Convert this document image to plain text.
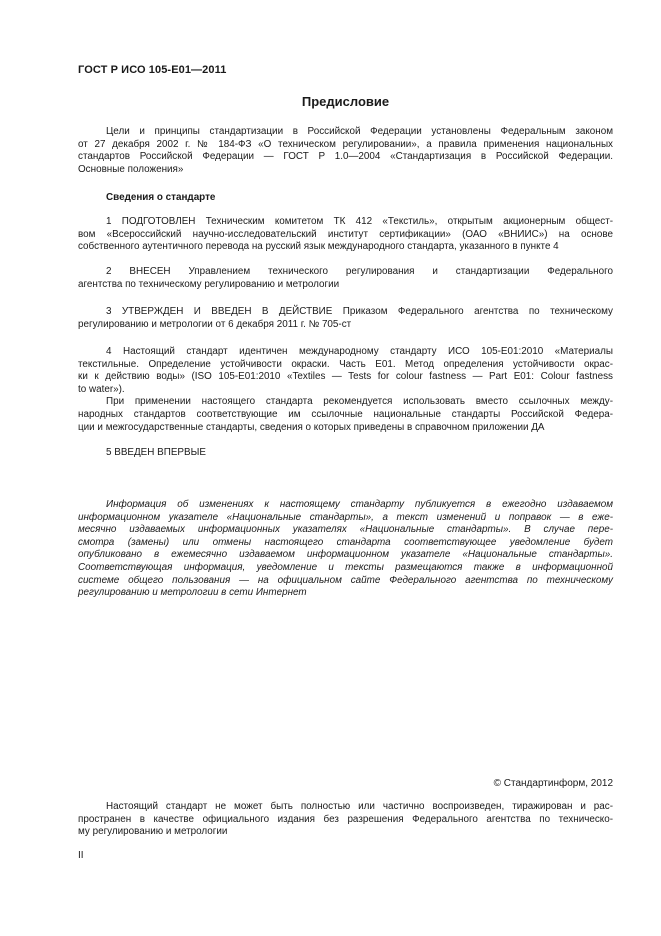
ГОСТ Р ИСО 105-E01—2011
Предисловие
Цели и принципы стандартизации в Российской Федерации установлены Федеральным законом
от 27 декабря 2002 г. № 184-ФЗ «О техническом регулировании», а правила применения национальных
стандартов Российской Федерации — ГОСТ Р 1.0—2004 «Стандартизация в Российской Федерации.
Основные положения»
Сведения о стандарте
1 ПОДГОТОВЛЕН Техническим комитетом ТК 412 «Текстиль», открытым акционерным общест-
вом «Всероссийский научно-исследовательский институт сертификации» (ОАО «ВНИИС») на основе
собственного аутентичного перевода на русский язык международного стандарта, указанного в пункте 4
2 ВНЕСЕН Управлением технического регулирования и стандартизации Федерального
агентства по техническому регулированию и метрологии
3 УТВЕРЖДЕН И ВВЕДЕН В ДЕЙСТВИЕ Приказом Федерального агентства по техническому
регулированию и метрологии от 6 декабря 2011 г. № 705-ст
4 Настоящий стандарт идентичен международному стандарту ИСО 105-E01:2010 «Материалы
текстильные. Определение устойчивости окраски. Часть E01. Метод определения устойчивости окрас-
ки к действию воды» (ISO 105-E01:2010 «Textiles — Tests for colour fastness — Part E01: Colour fastness
to water»).
При применении настоящего стандарта рекомендуется использовать вместо ссылочных между-
народных стандартов соответствующие им ссылочные национальные стандарты Российской Федера-
ции и межгосударственные стандарты, сведения о которых приведены в справочном приложении ДА
5 ВВЕДЕН ВПЕРВЫЕ
Информация об изменениях к настоящему стандарту публикуется в ежегодно издаваемом
информационном указателе «Национальные стандарты», а текст изменений и поправок — в еже-
месячно издаваемых информационных указателях «Национальные стандарты». В случае пере-
смотра (замены) или отмены настоящего стандарта соответствующее уведомление будет
опубликовано в ежемесячно издаваемом информационном указателе «Национальные стандарты».
Соответствующая информация, уведомление и тексты размещаются также в информационной
системе общего пользования — на официальном сайте Федерального агентства по техническому
регулированию и метрологии в сети Интернет
© Стандартинформ, 2012
Настоящий стандарт не может быть полностью или частично воспроизведен, тиражирован и рас-
пространен в качестве официального издания без разрешения Федерального агентства по техническо-
му регулированию и метрологии
II
